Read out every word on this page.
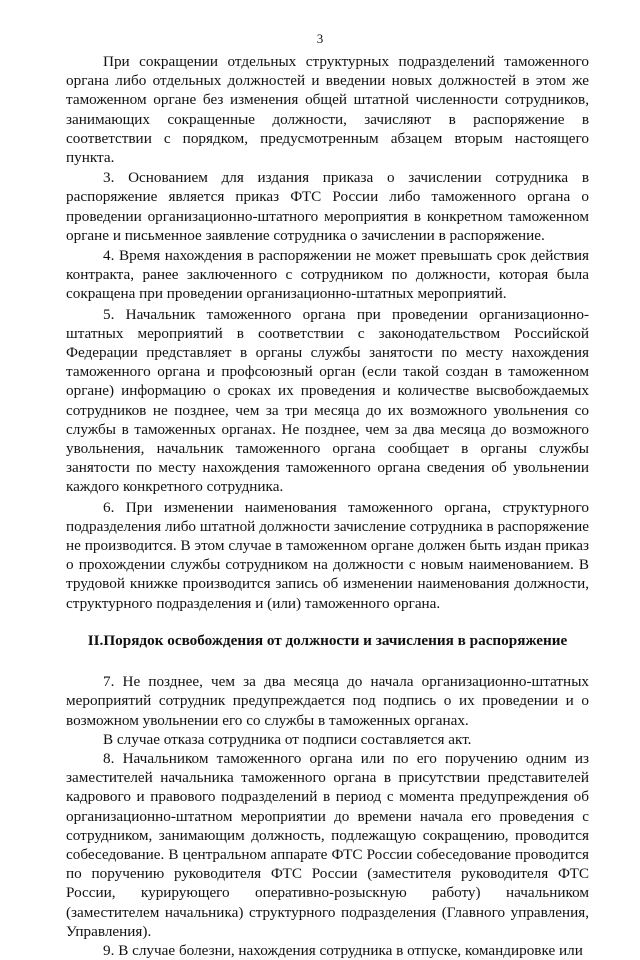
3

При сокращении отдельных структурных подразделений таможенного органа либо отдельных должностей и введении новых должностей в этом же таможенном органе без изменения общей штатной численности сотрудников, занимающих сокращенные должности, зачисляют в распоряжение в соответствии с порядком, предусмотренным абзацем вторым настоящего пункта.

3. Основанием для издания приказа о зачислении сотрудника в распоряжение является приказ ФТС России либо таможенного органа о проведении организационно-штатного мероприятия в конкретном таможенном органе и письменное заявление сотрудника о зачислении в распоряжение.

4. Время нахождения в распоряжении не может превышать срок действия контракта, ранее заключенного с сотрудником по должности, которая была сокращена при проведении организационно-штатных мероприятий.

5. Начальник таможенного органа при проведении организационно-штатных мероприятий в соответствии с законодательством Российской Федерации представляет в органы службы занятости по месту нахождения таможенного органа и профсоюзный орган (если такой создан в таможенном органе) информацию о сроках их проведения и количестве высвобождаемых сотрудников не позднее, чем за три месяца до их возможного увольнения со службы в таможенных органах. Не позднее, чем за два месяца до возможного увольнения, начальник таможенного органа сообщает в органы службы занятости по месту нахождения таможенного органа сведения об увольнении каждого конкретного сотрудника.

6. При изменении наименования таможенного органа, структурного подразделения либо штатной должности зачисление сотрудника в распоряжение не производится. В этом случае в таможенном органе должен быть издан приказ о прохождении службы сотрудником на должности с новым наименованием. В трудовой книжке производится запись об изменении наименования должности, структурного подразделения и (или) таможенного органа.

II.Порядок освобождения от должности и зачисления в распоряжение

7. Не позднее, чем за два месяца до начала организационно-штатных мероприятий сотрудник предупреждается под подпись о их проведении и о возможном увольнении его со службы в таможенных органах.

В случае отказа сотрудника от подписи составляется акт.

8. Начальником таможенного органа или по его поручению одним из заместителей начальника таможенного органа в присутствии представителей кадрового и правового подразделений в период с момента предупреждения об организационно-штатном мероприятии до времени начала его проведения с сотрудником, занимающим должность, подлежащую сокращению, проводится собеседование. В центральном аппарате ФТС России собеседование проводится по поручению руководителя ФТС России (заместителя руководителя ФТС России, курирующего оперативно-розыскную работу) начальником (заместителем начальника) структурного подразделения (Главного управления, Управления).

9. В случае болезни, нахождения сотрудника в отпуске, командировке или
